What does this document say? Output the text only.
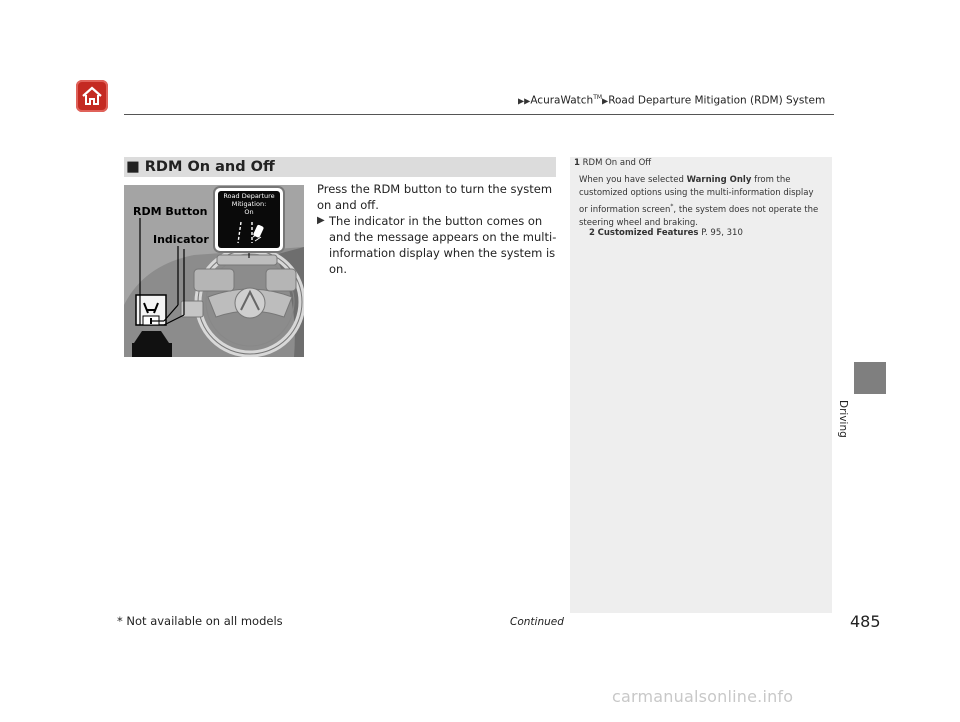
▶▶AcuraWatch™▶Road Departure Mitigation (RDM) System
■ RDM On and Off
Road Departure
Mitigation:
On
RDM Button
Indicator
Press the RDM button to turn the system on and off.
▶ The indicator in the button comes on and the message appears on the multi-information display when the system is on.
1 RDM On and Off
When you have selected Warning Only from the customized options using the multi-information display or information screen*, the system does not operate the steering wheel and braking.
2 Customized Features P. 95, 310
Driving
* Not available on all models	Continued	485
carmanualsonline.info
